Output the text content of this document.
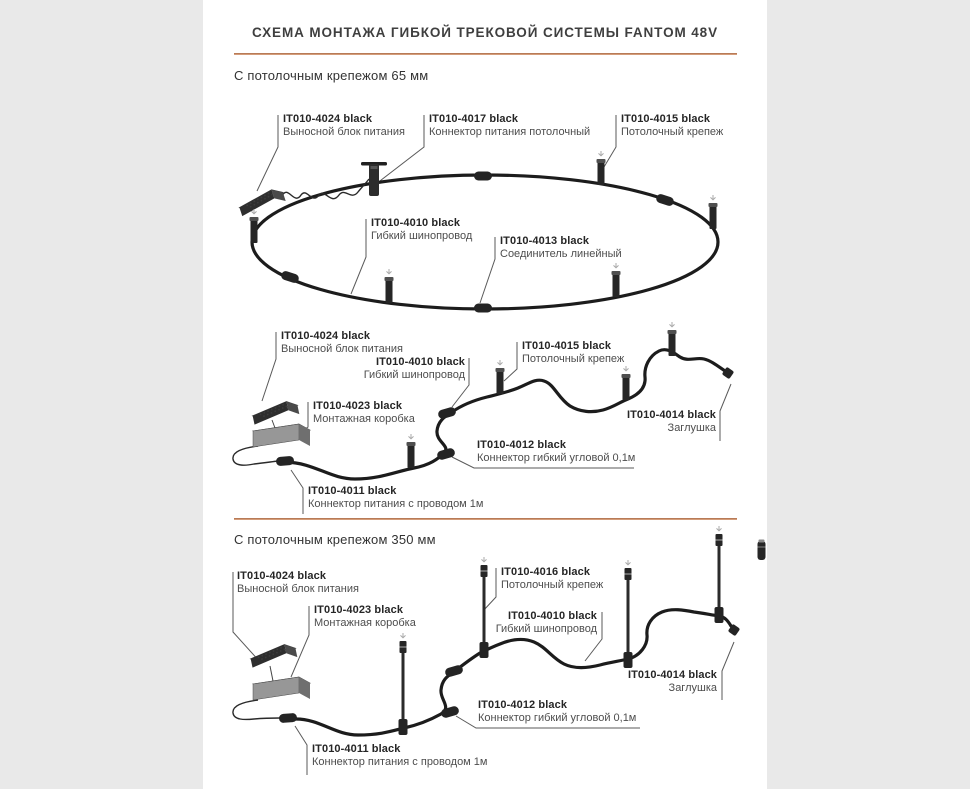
СХЕМА МОНТАЖА ГИБКОЙ ТРЕКОВОЙ СИСТЕМЫ FANTOM 48V
С потолочным крепежом 65 мм
С потолочным крепежом 350 мм
IT010-4024 black
Выносной блок питания
IT010-4017 black
Коннектор питания потолочный
IT010-4015 black
Потолочный крепеж
IT010-4010 black
Гибкий шинопровод	IT010-4013 black
Соединитель линейный
IT010-4024 black
Выносной блок питания
IT010-4010 black
Гибкий шинопровод
IT010-4015 black
Потолочный крепеж
IT010-4023 black
Монтажная коробка	IT010-4014 black
Заглушка
IT010-4012 black
Коннектор гибкий угловой 0,1м
IT010-4011 black
Коннектор питания с проводом 1м
IT010-4024 black
Выносной блок питания
IT010-4023 black
Монтажная коробка
IT010-4016 black
Потолочный крепеж
IT010-4010 black
Гибкий шинопровод
IT010-4014 black
Заглушка
IT010-4012 black
Коннектор гибкий угловой 0,1м
IT010-4011 black
Коннектор питания с проводом 1м
